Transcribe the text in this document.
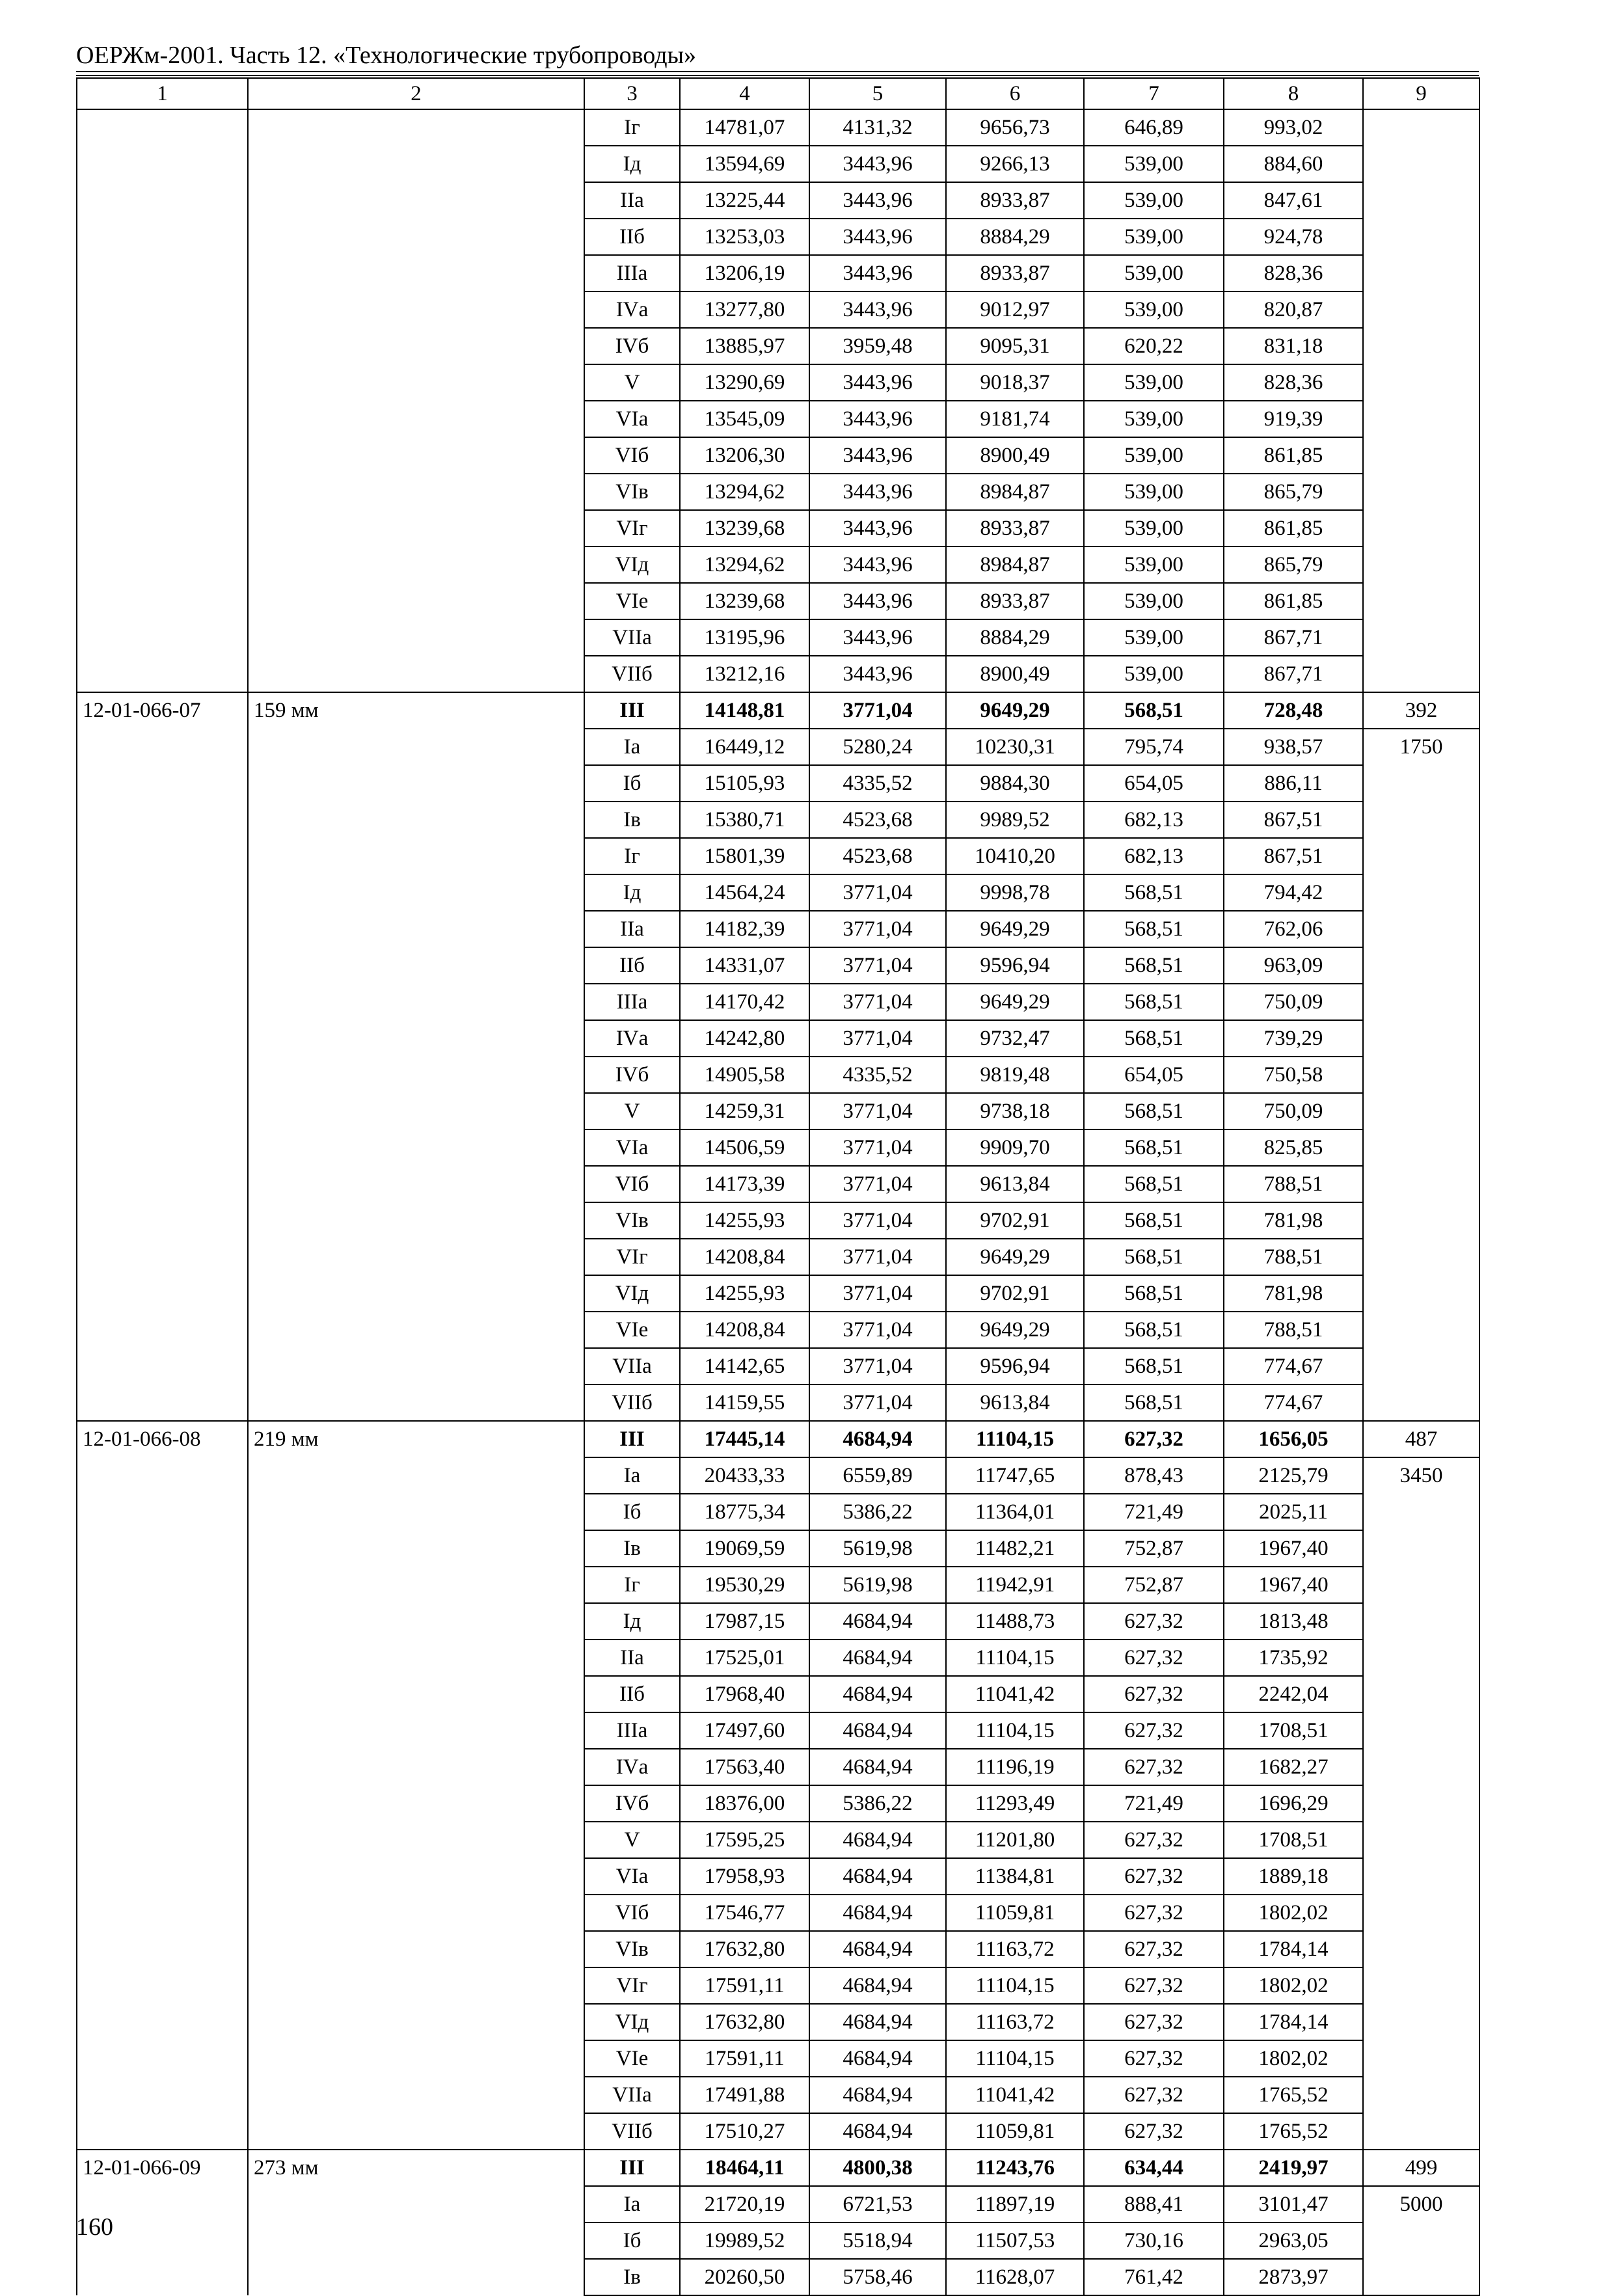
ОЕРЖм-2001. Часть 12. «Технологические трубопроводы»
1	2	3	4	5	6	7	8	9
		Iг	14781,07	4131,32	9656,73	646,89	993,02	
		Iд	13594,69	3443,96	9266,13	539,00	884,60	
		IIа	13225,44	3443,96	8933,87	539,00	847,61	
		IIб	13253,03	3443,96	8884,29	539,00	924,78	
		IIIа	13206,19	3443,96	8933,87	539,00	828,36	
		IVа	13277,80	3443,96	9012,97	539,00	820,87	
		IVб	13885,97	3959,48	9095,31	620,22	831,18	
		V	13290,69	3443,96	9018,37	539,00	828,36	
		VIа	13545,09	3443,96	9181,74	539,00	919,39	
		VIб	13206,30	3443,96	8900,49	539,00	861,85	
		VIв	13294,62	3443,96	8984,87	539,00	865,79	
		VIг	13239,68	3443,96	8933,87	539,00	861,85	
		VIд	13294,62	3443,96	8984,87	539,00	865,79	
		VIе	13239,68	3443,96	8933,87	539,00	861,85	
		VIIа	13195,96	3443,96	8884,29	539,00	867,71	
		VIIб	13212,16	3443,96	8900,49	539,00	867,71	
12-01-066-07	159 мм	III	14148,81	3771,04	9649,29	568,51	728,48	392
		Iа	16449,12	5280,24	10230,31	795,74	938,57	1750
		Iб	15105,93	4335,52	9884,30	654,05	886,11	
		Iв	15380,71	4523,68	9989,52	682,13	867,51	
		Iг	15801,39	4523,68	10410,20	682,13	867,51	
		Iд	14564,24	3771,04	9998,78	568,51	794,42	
		IIа	14182,39	3771,04	9649,29	568,51	762,06	
		IIб	14331,07	3771,04	9596,94	568,51	963,09	
		IIIа	14170,42	3771,04	9649,29	568,51	750,09	
		IVа	14242,80	3771,04	9732,47	568,51	739,29	
		IVб	14905,58	4335,52	9819,48	654,05	750,58	
		V	14259,31	3771,04	9738,18	568,51	750,09	
		VIа	14506,59	3771,04	9909,70	568,51	825,85	
		VIб	14173,39	3771,04	9613,84	568,51	788,51	
		VIв	14255,93	3771,04	9702,91	568,51	781,98	
		VIг	14208,84	3771,04	9649,29	568,51	788,51	
		VIд	14255,93	3771,04	9702,91	568,51	781,98	
		VIе	14208,84	3771,04	9649,29	568,51	788,51	
		VIIа	14142,65	3771,04	9596,94	568,51	774,67	
		VIIб	14159,55	3771,04	9613,84	568,51	774,67	
12-01-066-08	219 мм	III	17445,14	4684,94	11104,15	627,32	1656,05	487
		Iа	20433,33	6559,89	11747,65	878,43	2125,79	3450
		Iб	18775,34	5386,22	11364,01	721,49	2025,11	
		Iв	19069,59	5619,98	11482,21	752,87	1967,40	
		Iг	19530,29	5619,98	11942,91	752,87	1967,40	
		Iд	17987,15	4684,94	11488,73	627,32	1813,48	
		IIа	17525,01	4684,94	11104,15	627,32	1735,92	
		IIб	17968,40	4684,94	11041,42	627,32	2242,04	
		IIIа	17497,60	4684,94	11104,15	627,32	1708,51	
		IVа	17563,40	4684,94	11196,19	627,32	1682,27	
		IVб	18376,00	5386,22	11293,49	721,49	1696,29	
		V	17595,25	4684,94	11201,80	627,32	1708,51	
		VIа	17958,93	4684,94	11384,81	627,32	1889,18	
		VIб	17546,77	4684,94	11059,81	627,32	1802,02	
		VIв	17632,80	4684,94	11163,72	627,32	1784,14	
		VIг	17591,11	4684,94	11104,15	627,32	1802,02	
		VIд	17632,80	4684,94	11163,72	627,32	1784,14	
		VIе	17591,11	4684,94	11104,15	627,32	1802,02	
		VIIа	17491,88	4684,94	11041,42	627,32	1765,52	
		VIIб	17510,27	4684,94	11059,81	627,32	1765,52	
12-01-066-09	273 мм	III	18464,11	4800,38	11243,76	634,44	2419,97	499
		Iа	21720,19	6721,53	11897,19	888,41	3101,47	5000
		Iб	19989,52	5518,94	11507,53	730,16	2963,05	
		Iв	20260,50	5758,46	11628,07	761,42	2873,97	
160
